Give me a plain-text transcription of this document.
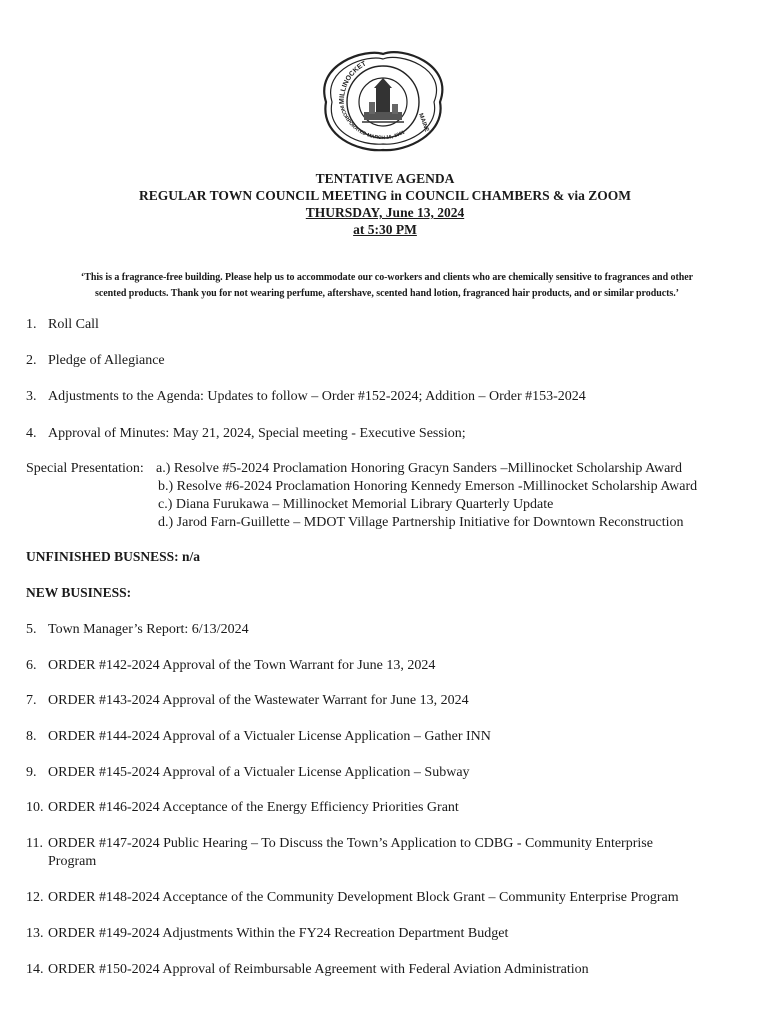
MILLINOCKET
MAINE
INCORPORATED MARCH 16, 1901
TENTATIVE AGENDA
REGULAR TOWN COUNCIL MEETING in COUNCIL CHAMBERS & via ZOOM
THURSDAY, June 13, 2024
at 5:30 PM
‘This is a fragrance-free building. Please help us to accommodate our co-workers and clients who are chemically sensitive to fragrances and other
scented products. Thank you for not wearing perfume, aftershave, scented hand lotion, fragranced hair products, and or similar products.’
1. Roll Call
2. Pledge of Allegiance
3. Adjustments to the Agenda: Updates to follow – Order #152-2024; Addition – Order #153-2024
4. Approval of Minutes: May 21, 2024, Special meeting - Executive Session;
Special Presentation: a.) Resolve #5-2024 Proclamation Honoring Gracyn Sanders –Millinocket Scholarship Award
b.) Resolve #6-2024 Proclamation Honoring Kennedy Emerson -Millinocket Scholarship Award
c.) Diana Furukawa – Millinocket Memorial Library Quarterly Update
d.) Jarod Farn-Guillette – MDOT Village Partnership Initiative for Downtown Reconstruction
UNFINISHED BUSNESS: n/a
NEW BUSINESS:
5. Town Manager’s Report: 6/13/2024
6. ORDER #142-2024 Approval of the Town Warrant for June 13, 2024
7. ORDER #143-2024 Approval of the Wastewater Warrant for June 13, 2024
8. ORDER #144-2024 Approval of a Victualer License Application – Gather INN
9. ORDER #145-2024 Approval of a Victualer License Application – Subway
10. ORDER #146-2024 Acceptance of the Energy Efficiency Priorities Grant
11. ORDER #147-2024 Public Hearing – To Discuss the Town’s Application to CDBG - Community Enterprise
Program
12. ORDER #148-2024 Acceptance of the Community Development Block Grant – Community Enterprise Program
13. ORDER #149-2024 Adjustments Within the FY24 Recreation Department Budget
14. ORDER #150-2024 Approval of Reimbursable Agreement with Federal Aviation Administration
